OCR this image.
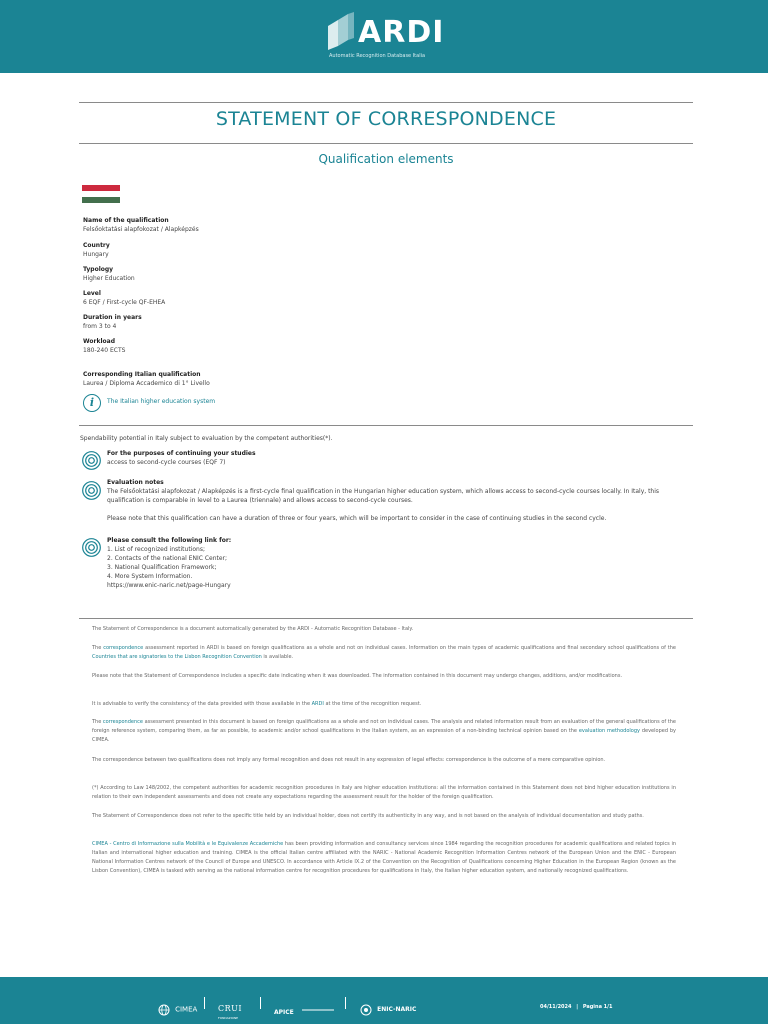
ARDI
Automatic Recognition Database Italia
STATEMENT OF CORRESPONDENCE
Qualification elements
Name of the qualification
Felsőoktatási alapfokozat / Alapképzés
Country
Hungary
Typology
Higher Education
Level
6 EQF / First-cycle QF-EHEA
Duration in years
from 3 to 4
Workload
180-240 ECTS
Corresponding Italian qualification
Laurea / Diploma Accademico di 1° Livello
i	The Italian higher education system
Spendability potential in Italy subject to evaluation by the competent authorities(*).
For the purposes of continuing your studies
access to second-cycle courses (EQF 7)
Evaluation notes
The Felsőoktatási alapfokozat / Alapképzés is a first-cycle final qualification in the Hungarian higher education system, which allows access to second-cycle courses locally. In Italy, this qualification is comparable in level to a Laurea (triennale) and allows access to second-cycle courses.
Please note that this qualification can have a duration of three or four years, which will be important to consider in the case of continuing studies in the second cycle.
Please consult the following link for:
1. List of recognized institutions;
2. Contacts of the national ENIC Center;
3. National Qualification Framework;
4. More System Information.
https://www.enic-naric.net/page-Hungary
The Statement of Correspondence is a document automatically generated by the ARDI - Automatic Recognition Database - Italy.
The correspondence assessment reported in ARDI is based on foreign qualifications as a whole and not on individual cases. Information on the main types of academic qualifications and final secondary school qualifications of the Countries that are signatories to the Lisbon Recognition Convention is available.
Please note that the Statement of Correspondence includes a specific date indicating when it was downloaded. The information contained in this document may undergo changes, additions, and/or modifications.
It is advisable to verify the consistency of the data provided with those available in the ARDI at the time of the recognition request.
The correspondence assessment presented in this document is based on foreign qualifications as a whole and not on individual cases. The analysis and related information result from an evaluation of the general qualifications of the foreign reference system, comparing them, as far as possible, to academic and/or school qualifications in the Italian system, as an expression of a non-binding technical opinion based on the evaluation methodology developed by CIMEA.
The correspondence between two qualifications does not imply any formal recognition and does not result in any expression of legal effects: correspondence is the outcome of a mere comparative opinion.
(*) According to Law 148/2002, the competent authorities for academic recognition procedures in Italy are higher education institutions: all the information contained in this Statement does not bind higher education institutions in relation to their own independent assessments and does not create any expectations regarding the assessment result for the holder of the foreign qualification.
The Statement of Correspondence does not refer to the specific title held by an individual holder, does not certify its authenticity in any way, and is not based on the analysis of individual documentation and study paths.
CIMEA - Centro di Informazione sulla Mobilità e le Equivalenze Accademiche has been providing information and consultancy services since 1984 regarding the recognition procedures for academic qualifications and related topics in Italian and international higher education and training. CIMEA is the official Italian centre affiliated with the NARIC - National Academic Recognition Information Centres network of the European Union and the ENIC - European National Information Centres network of the Council of Europe and UNESCO. In accordance with Article IX.2 of the Convention on the Recognition of Qualifications concerning Higher Education in the European Region (known as the Lisbon Convention), CIMEA is tasked with serving as the national information centre for recognition procedures for qualifications in Italy, the Italian higher education system, and nationally recognized qualifications.
CIMEA	CRUI
FONDAZIONE
APICE	ENIC-NARIC	04/11/2024 | Pagina 1/1
